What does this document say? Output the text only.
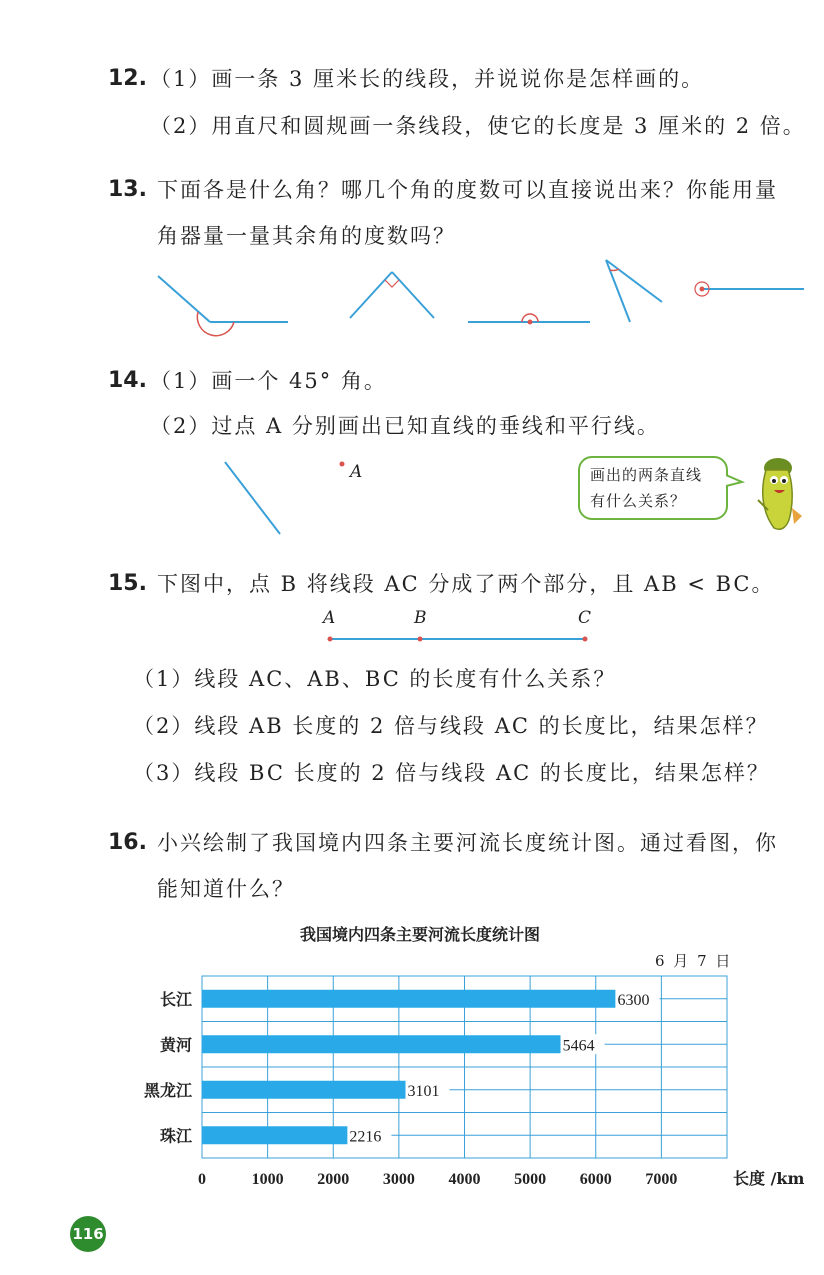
12. （1）画一条 3 厘米长的线段，并说说你是怎样画的。
（2）用直尺和圆规画一条线段，使它的长度是 3 厘米的 2 倍。
13. 下面各是什么角？哪几个角的度数可以直接说出来？你能用量
角器量一量其余角的度数吗？
14. （1）画一个 45° 角。
（2）过点 A 分别画出已知直线的垂线和平行线。
A	画出的两条直线
有什么关系？
15. 下图中，点 B 将线段 AC 分成了两个部分，且 AB < BC。
A	B	C
（1）线段 AC、AB、BC 的长度有什么关系？
（2）线段 AB 长度的 2 倍与线段 AC 的长度比，结果怎样？
（3）线段 BC 长度的 2 倍与线段 AC 的长度比，结果怎样？
16. 小兴绘制了我国境内四条主要河流长度统计图。通过看图，你
能知道什么？
我国境内四条主要河流长度统计图
6 月 7 日
长江	6300
黄河	5464
黑龙江	3101
珠江	2216
0	1000 2000 3000 4000 5000 6000 7000	长度 /km
116
